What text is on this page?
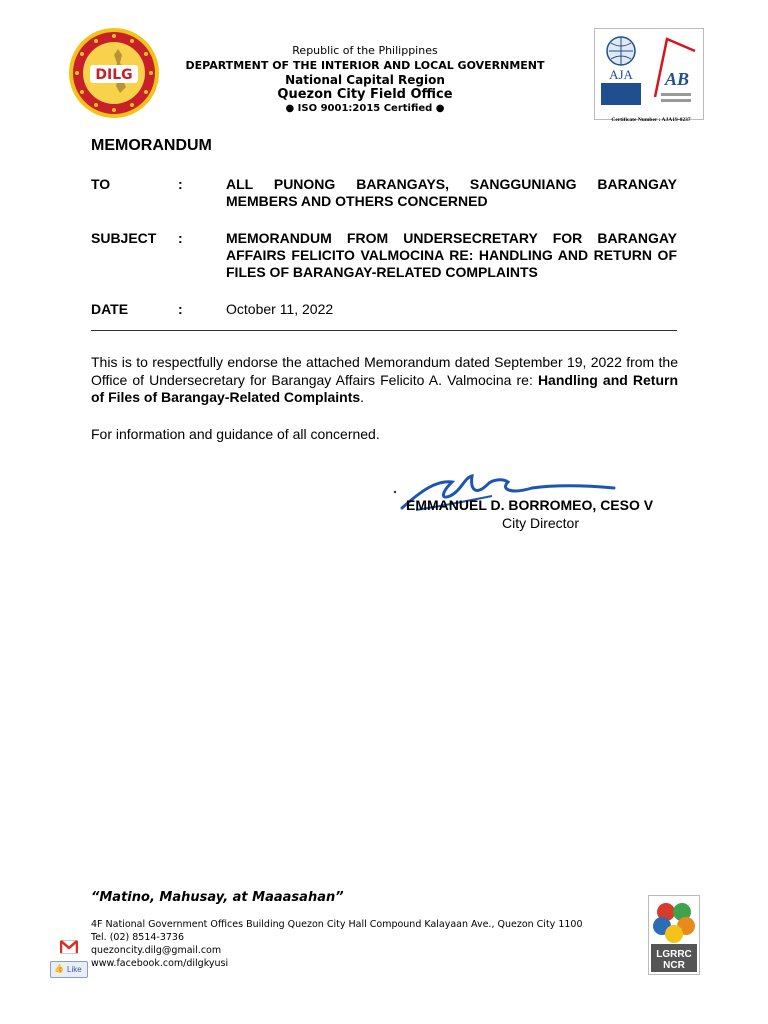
DILG
Republic of the Philippines
DEPARTMENT OF THE INTERIOR AND LOCAL GOVERNMENT
National Capital Region
Quezon City Field Office
● ISO 9001:2015 Certified ●
AJA AB
Certificate Number : AJA19-0237
MEMORANDUM
TO	:	ALL PUNONG BARANGAYS, SANGGUNIANG BARANGAY MEMBERS AND OTHERS CONCERNED
SUBJECT :	MEMORANDUM FROM UNDERSECRETARY FOR BARANGAY AFFAIRS FELICITO VALMOCINA RE: HANDLING AND RETURN OF FILES OF BARANGAY-RELATED COMPLAINTS
DATE	:	October 11, 2022
This is to respectfully endorse the attached Memorandum dated September 19, 2022 from the Office of Undersecretary for Barangay Affairs Felicito A. Valmocina re: Handling and Return of Files of Barangay-Related Complaints.
For information and guidance of all concerned.
EMMANUEL D. BORROMEO, CESO V
City Director
“Matino, Mahusay, at Maaasahan”
4F National Government Offices Building Quezon City Hall Compound Kalayaan Ave., Quezon City 1100
Tel. (02) 8514-3736
quezoncity.dilg@gmail.com
www.facebook.com/dilgkyusi
👍 Like
LGRRC
NCR
